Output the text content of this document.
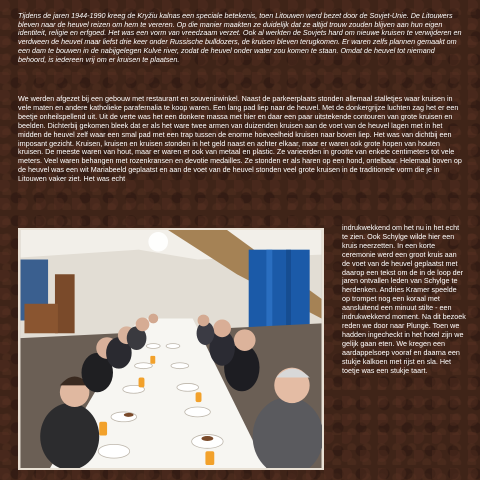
Tijdens de jaren 1944-1990 kreeg de Kryžiu kalnas een speciale betekenis, toen Litouwen werd bezet door de Sovjet-Unie. De Litouwers bleven naar de heuvel reizen om hem te vereren. Op die manier maakten ze duidelijk dat ze altijd trouw zouden blijven aan hun eigen identiteit, religie en erfgoed. Het was een vorm van vreedzaam verzet. Ook al werkten de Sovjets hard om nieuwe kruisen te verwijderen en verdween de heuvel maar liefst drie keer onder Russische bulldozers, de kruisen bleven terugkomen. Er waren zelfs plannen gemaakt om een dam te bouwen in de nabijgelegen Kulvė river, zodat de heuvel onder water zou komen te staan. Omdat de heuvel tot niemand behoord, is iedereen vrij om er kruisen te plaatsen.
We werden afgezet bij een gebouw met restaurant en souvenirwinkel. Naast de parkeerplaats stonden allemaal stalletjes waar kruisen in vele maten en andere katholieke parafernalia te koop waren. Een lang pad liep naar de heuvel. Met de donkergrijze luchten zag het er een beetje onheilspellend uit. Uit de verte was het een donkere massa met hier en daar een paar uitstekende contouren van grote kruisen en beelden. Dichterbij gekomen bleek dat er als het ware twee armen van duizenden kruisen aan de voet van de heuvel lagen met in het midden de heuvel zelf waar een smal pad met een trap tussen de enorme hoeveelheid kruisen naar boven liep. Het was van dichtbij een imposant gezicht. Kruisen, kruisen en kruisen stonden in het geld naast en achter elkaar, maar er waren ook grote hopen van houten kruisen. De meeste waren van hout, maar er waren er ook van metaal en plastic. Ze varieerden in grootte van enkele centimeters tot vele meters. Veel waren behangen met rozenkransen en devotie medailles. Ze stonden er als haren op een hond, ontelbaar. Helemaal boven op de heuvel was een wit Mariabeeld geplaatst en aan de voet van de heuvel stonden veel grote kruisen in de traditionele vorm die je in Litouwen vaker ziet. Het was echt
indrukwekkend om het nu in het echt te zien. Ook Schylge wilde hier een kruis neerzetten. In een korte ceremonie werd een groot kruis aan de voet van de heuvel geplaatst met daarop een tekst om de in de loop der jaren ontvallen leden van Schylge te herdenken. Andries Kramer speelde op trompet nog een koraal met aansluitend een minuut stilte - een indrukwekkend moment. Na dit bezoek reden we door naar Plungė. Toen we hadden ingecheckt in het hotel zijn we gelijk gaan eten. We kregen een aardappelsoep vooraf en daarna een stukje kalkoen met rijst en sla. Het toetje was een stukje taart.
